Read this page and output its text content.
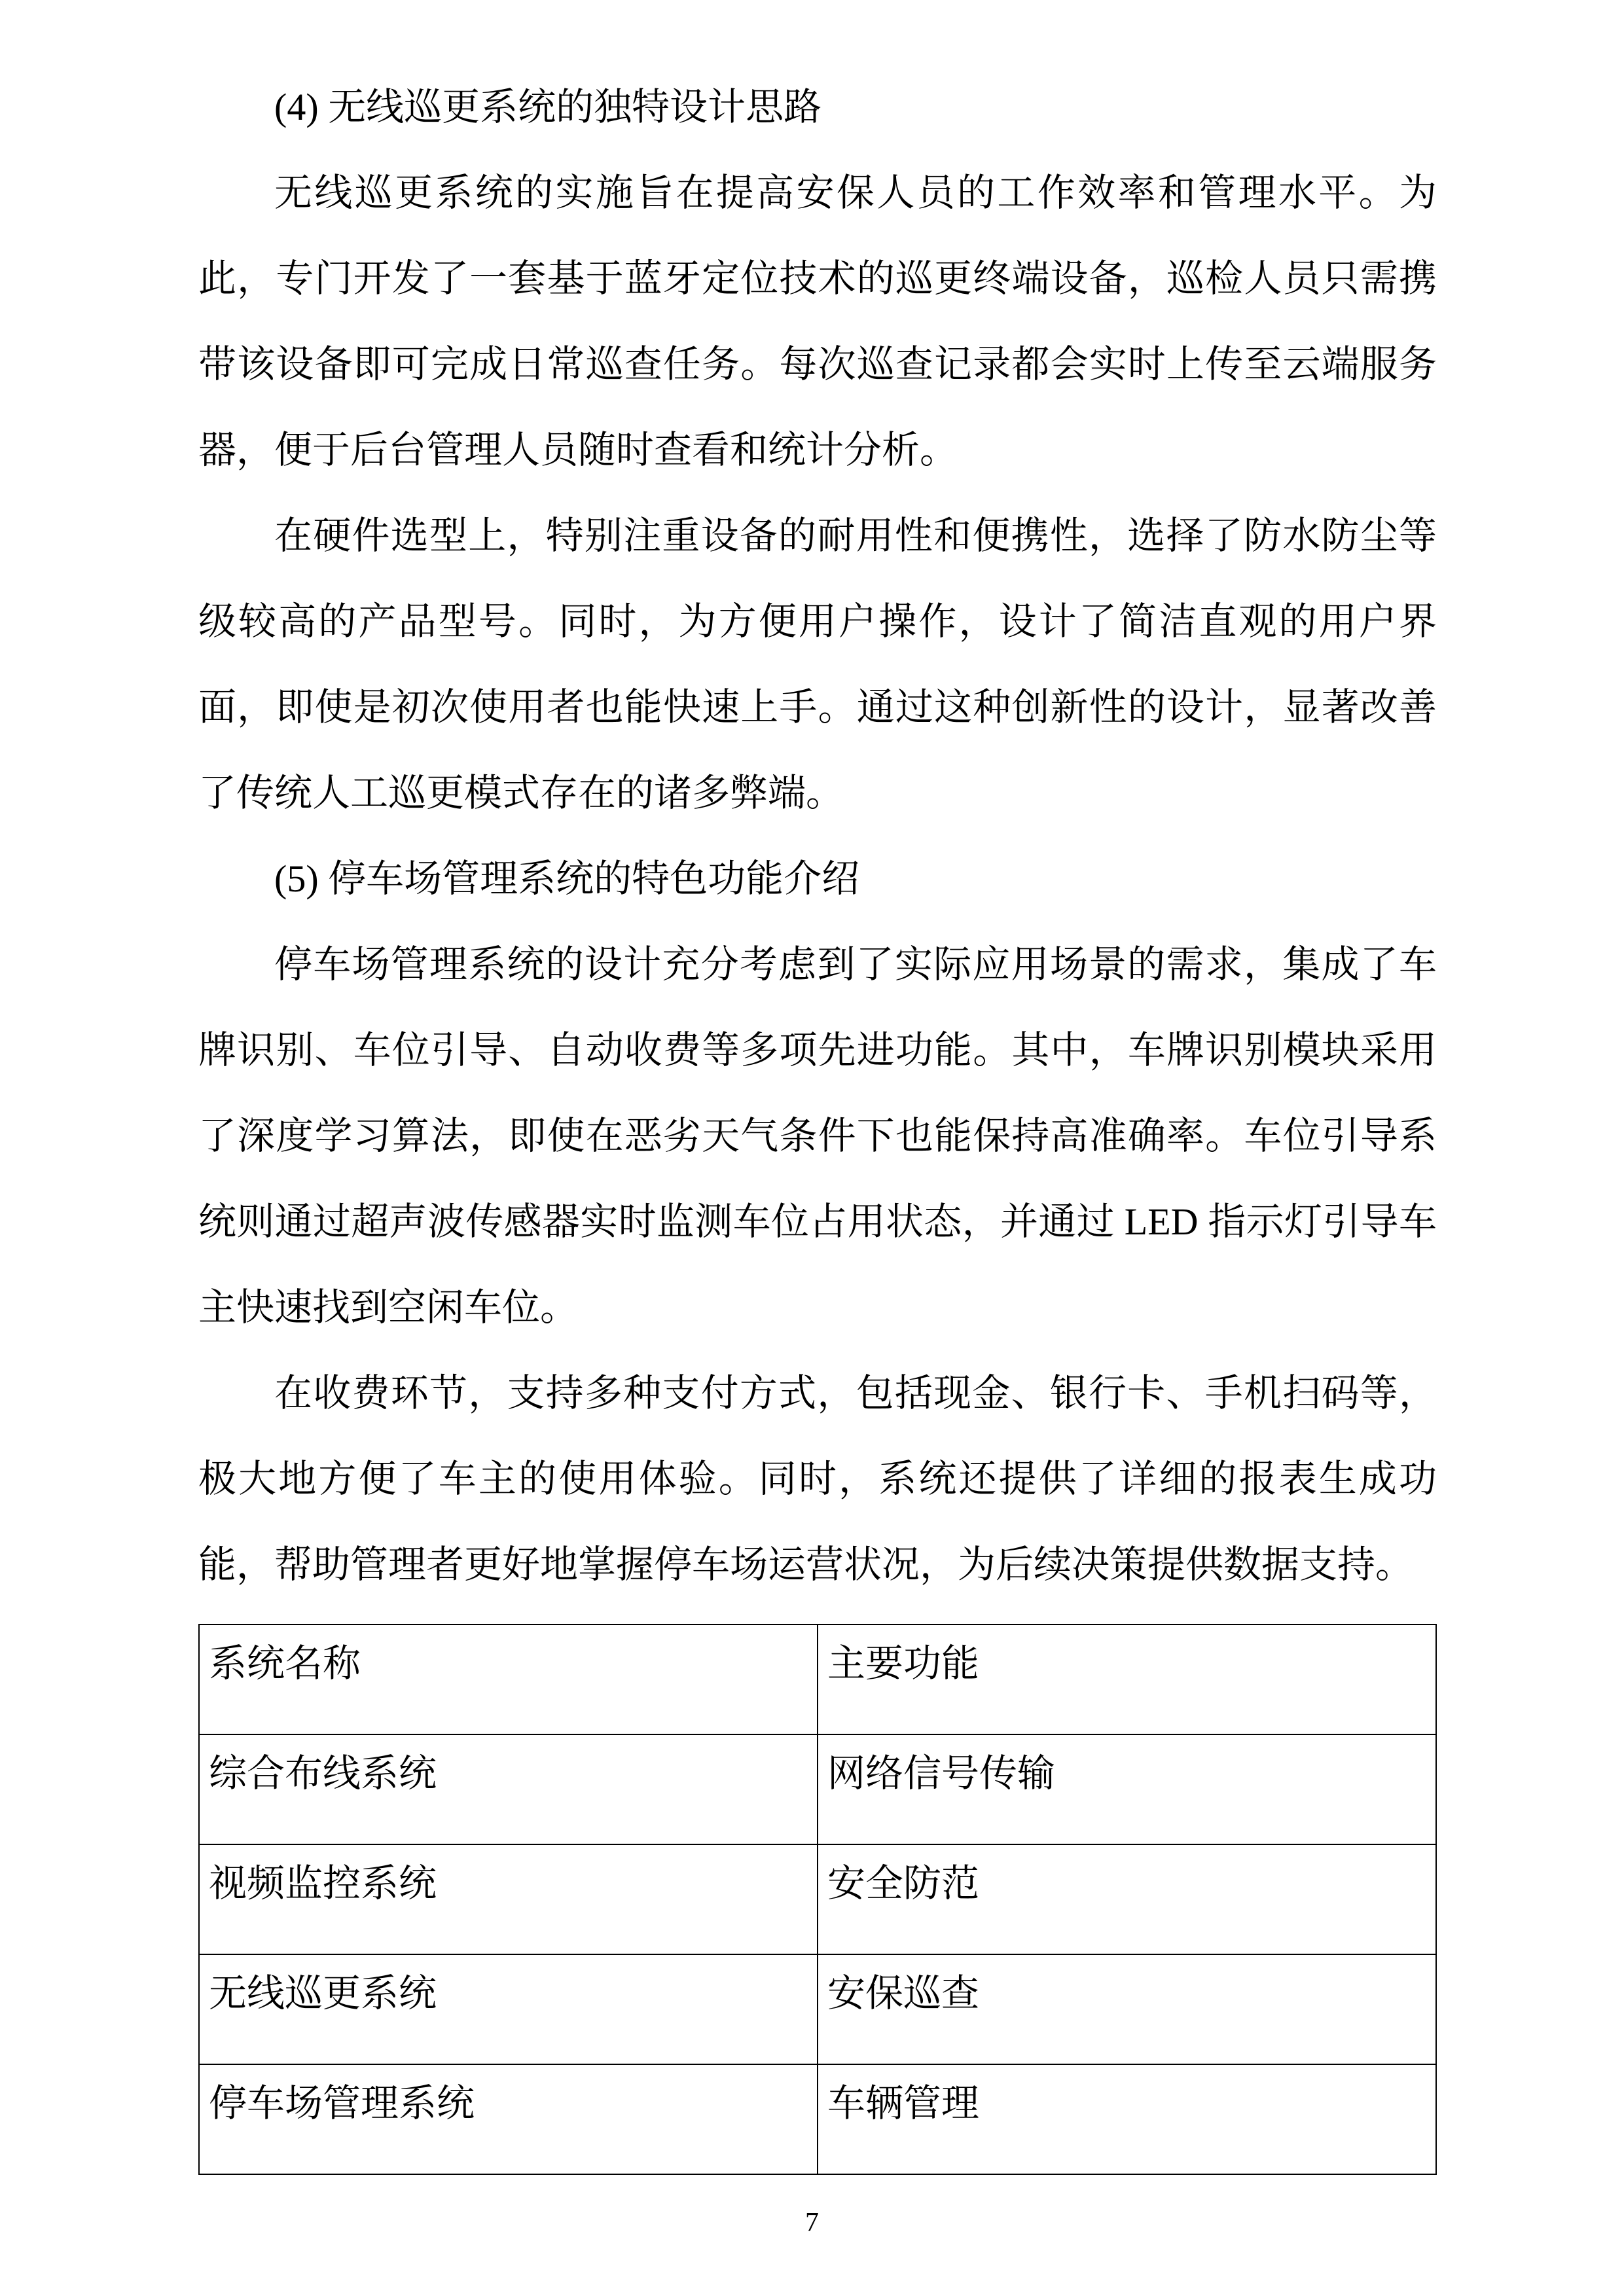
(4) 无线巡更系统的独特设计思路

无线巡更系统的实施旨在提高安保人员的工作效率和管理水平。为此，专门开发了一套基于蓝牙定位技术的巡更终端设备，巡检人员只需携带该设备即可完成日常巡查任务。每次巡查记录都会实时上传至云端服务器，便于后台管理人员随时查看和统计分析。

在硬件选型上，特别注重设备的耐用性和便携性，选择了防水防尘等级较高的产品型号。同时，为方便用户操作，设计了简洁直观的用户界面，即使是初次使用者也能快速上手。通过这种创新性的设计，显著改善了传统人工巡更模式存在的诸多弊端。

(5) 停车场管理系统的特色功能介绍

停车场管理系统的设计充分考虑到了实际应用场景的需求，集成了车牌识别、车位引导、自动收费等多项先进功能。其中，车牌识别模块采用了深度学习算法，即使在恶劣天气条件下也能保持高准确率。车位引导系统则通过超声波传感器实时监测车位占用状态，并通过 LED 指示灯引导车主快速找到空闲车位。

在收费环节，支持多种支付方式，包括现金、银行卡、手机扫码等，极大地方便了车主的使用体验。同时，系统还提供了详细的报表生成功能，帮助管理者更好地掌握停车场运营状况，为后续决策提供数据支持。

系统名称	主要功能
综合布线系统	网络信号传输
视频监控系统	安全防范
无线巡更系统	安保巡查
停车场管理系统	车辆管理
7
